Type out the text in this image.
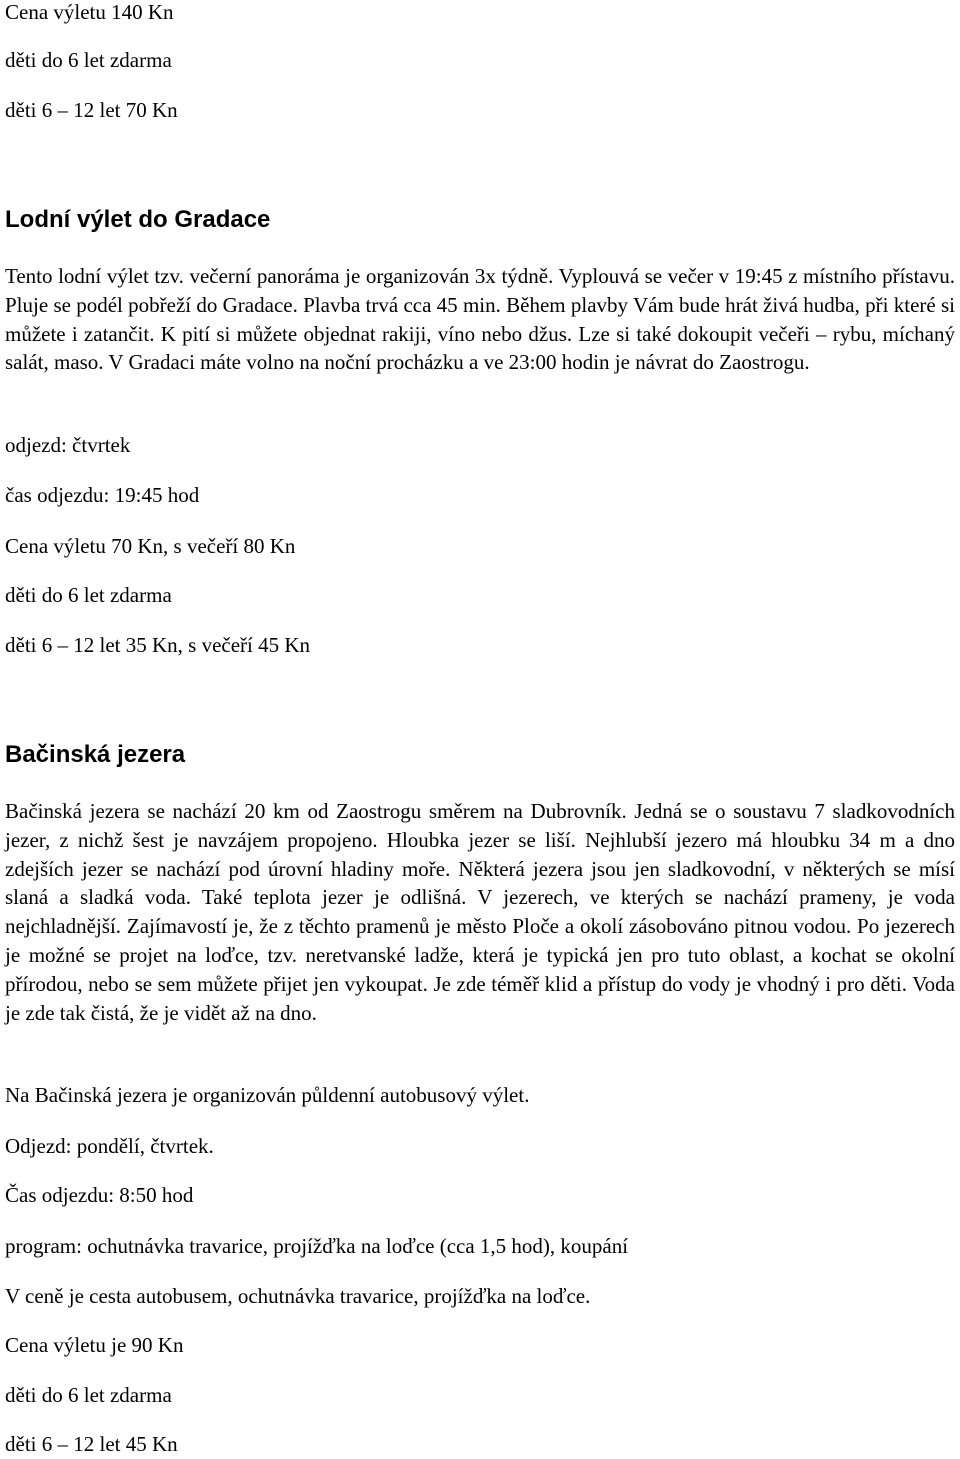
Cena výletu 140 Kn

děti do 6 let zdarma

děti 6 – 12 let 70 Kn

Lodní výlet do Gradace

Tento lodní výlet tzv. večerní panoráma je organizován 3x týdně. Vyplouvá se večer v 19:45 z místního přístavu. Pluje se podél pobřeží do Gradace. Plavba trvá cca 45 min. Během plavby Vám bude hrát živá hudba, při které si můžete i zatančit. K pití si můžete objednat rakiji, víno nebo džus. Lze si také dokoupit večeři – rybu, míchaný salát, maso. V Gradaci máte volno na noční procházku a ve 23:00 hodin je návrat do Zaostrogu.

odjezd: čtvrtek

čas odjezdu: 19:45 hod

Cena výletu 70 Kn, s večeří 80 Kn

děti do 6 let zdarma

děti 6 – 12 let 35 Kn, s večeří 45 Kn

Bačinská jezera

Bačinská jezera se nachází 20 km od Zaostrogu směrem na Dubrovník. Jedná se o soustavu 7 sladkovodních jezer, z nichž šest je navzájem propojeno. Hloubka jezer se liší. Nejhlubší jezero má hloubku 34 m a dno zdejších jezer se nachází pod úrovní hladiny moře. Některá jezera jsou jen sladkovodní, v některých se mísí slaná a sladká voda. Také teplota jezer je odlišná. V jezerech, ve kterých se nachází prameny, je voda nejchladnější. Zajímavostí je, že z těchto pramenů je město Ploče a okolí zásobováno pitnou vodou. Po jezerech je možné se projet na loďce, tzv. neretvanské ladže, která je typická jen pro tuto oblast, a kochat se okolní přírodou, nebo se sem můžete přijet jen vykoupat. Je zde téměř klid a přístup do vody je vhodný i pro děti. Voda je zde tak čistá, že je vidět až na dno.

Na Bačinská jezera je organizován půldenní autobusový výlet.

Odjezd: pondělí, čtvrtek.

Čas odjezdu: 8:50 hod

program: ochutnávka travarice, projížďka na loďce (cca 1,5 hod), koupání

V ceně je cesta autobusem, ochutnávka travarice, projížďka na loďce.

Cena výletu je 90 Kn

děti do 6 let zdarma

děti 6 – 12 let 45 Kn
